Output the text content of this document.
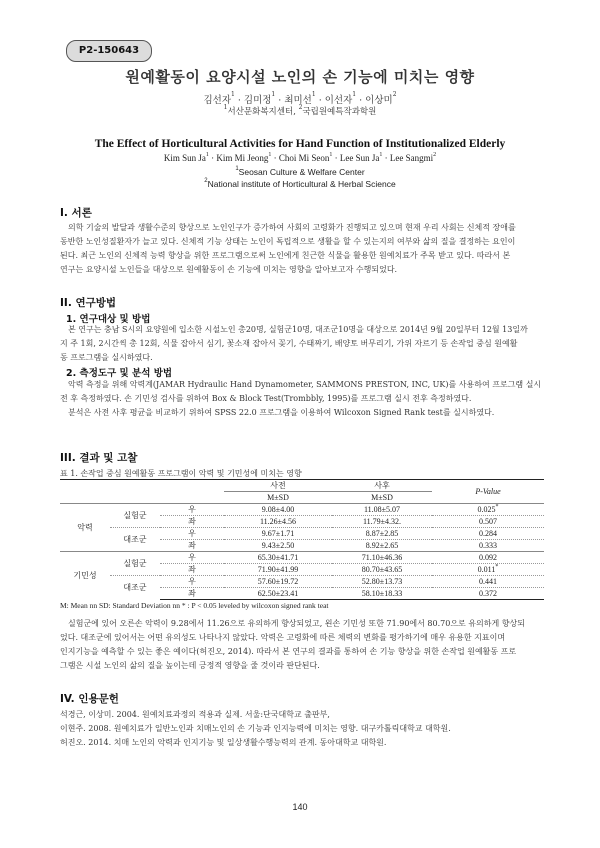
P2-150643
원예활동이 요양시설 노인의 손 기능에 미치는 영향
김선자$^1$ · 김미정$^1$ · 최미선$^1$ · 이선자$^1$ · 이상미$^2$
$^1$서산문화복지센터, $^2$국립원예특작과학원
The Effect of Horticultural Activities for Hand Function of Institutionalized Elderly
Kim Sun $Ja^1$ · Kim Mi Jeong$^1$ · Choi Mi Seon$^1$ · Lee Sun $Ja^1$ · Lee Sangmi$^2$
$^1$Seosan Culture & Welfare Center
$^2$National institute of Horticultural & Herbal Science
I. 서론

의학 기술의 발달과 생활수준의 향상으로 노인인구가 증가하여 사회의 고령화가 진행되고 있으며 현재 우리 사회는 신체적 장애를

동반한 노인성질환자가 늘고 있다. 신체적 기능 상태는 노인이 독립적으로 생활을 할 수 있는지의 여부와 삶의 질을 결정하는 요인이

된다. 최근 노인의 신체적 능력 향상을 위한 프로그램으로써 노인에게 친근한 식물을 활용한 원예치료가 주목 받고 있다. 따라서 본

연구는 요양시설 노인들을 대상으로 원예활동이 손 기능에 미치는 영향을 알아보고자 수행되었다.

II. 연구방법
1. 연구대상 및 방법

본 연구는 충남 S시의 요양원에 입소한 시설노인 총20명, 실험군10명, 대조군10명을 대상으로 2014년 9월 20일부터 12월 13일까

지 주 1회, 2시간씩 총 12회, 식물 잡아서 심기, 꽃소재 잡아서 꽂기, 수태짜기, 배양토 버무리기, 가위 자르기 등 손작업 중심 원예활

동 프로그램을 실시하였다.

2. 측정도구 및 분석 방법

악력 측정을 위해 악력계(JAMAR Hydraulic Hand Dynamometer, SAMMONS PRESTON, INC, UK)를 사용하여 프로그램 실시

전 후 측정하였다. 손 기민성 검사를 위하여 Box & Block Test(Trombbly, 1995)를 프로그램 실시 전후 측정하였다.

분석은 사전 사후 평균을 비교하기 위하여 SPSS 22.0 프로그램을 이용하여 Wilcoxon Signed Rank test를 실시하였다.

III. 결과 및 고찰
표 1. 손작업 중심 원예활동 프로그램이 악력 및 기민성에 미치는 영향
			사전	사후	P-Value
			M±SD	M±SD	
악력	실험군	우	9.08±4.00	11.08±5.07	0.025*
		좌	11.26±4.56	11.79±4.32.	0.507
	대조군	우	9.67±1.71	8.87±2.85	0.284
		좌	9.43±2.50	8.92±2.65	0.333
기민성	실험군	우	65.30±41.71	71.10±46.36	0.092
		좌	71.90±41.99	80.70±43.65	0.011*
	대조군	우	57.60±19.72	52.80±13.73	0.441
		좌	62.50±23.41	58.10±18.33	0.372
M: Mean nn SD: Standard Deviation nn * : P < 0.05 leveled by wilcoxon signed rank teat

실험군에 있어 오른손 악력이 9.28에서 11.26으로 유의하게 향상되었고, 왼손 기민성 또한 71.90에서 80.70으로 유의하게 향상되

었다. 대조군에 있어서는 어떤 유의성도 나타나지 않았다. 악력은 고령화에 따른 체력의 변화를 평가하기에 매우 유용한 지표이며

인지기능을 예측할 수 있는 좋은 예이다(허진오, 2014). 따라서 본 연구의 결과를 통하여 손 기능 향상을 위한 손작업 원예활동 프로

그램은 시설 노인의 삶의 질을 높이는데 긍정적 영향을 줄 것이라 판단된다.

IV. 인용문헌
석경근, 이상미. 2004. 원예치료과정의 적용과 실제. 서울:단국대학교 출판부,
이현주. 2008. 원예치료가 일반노인과 치매노인의 손 기능과 인지능력에 미치는 영향. 대구카톨릭대학교 대학원.
허진오. 2014. 치매 노인의 악력과 인지기능 및 일상생활수행능력의 관계. 동아대학교 대학원.
140
